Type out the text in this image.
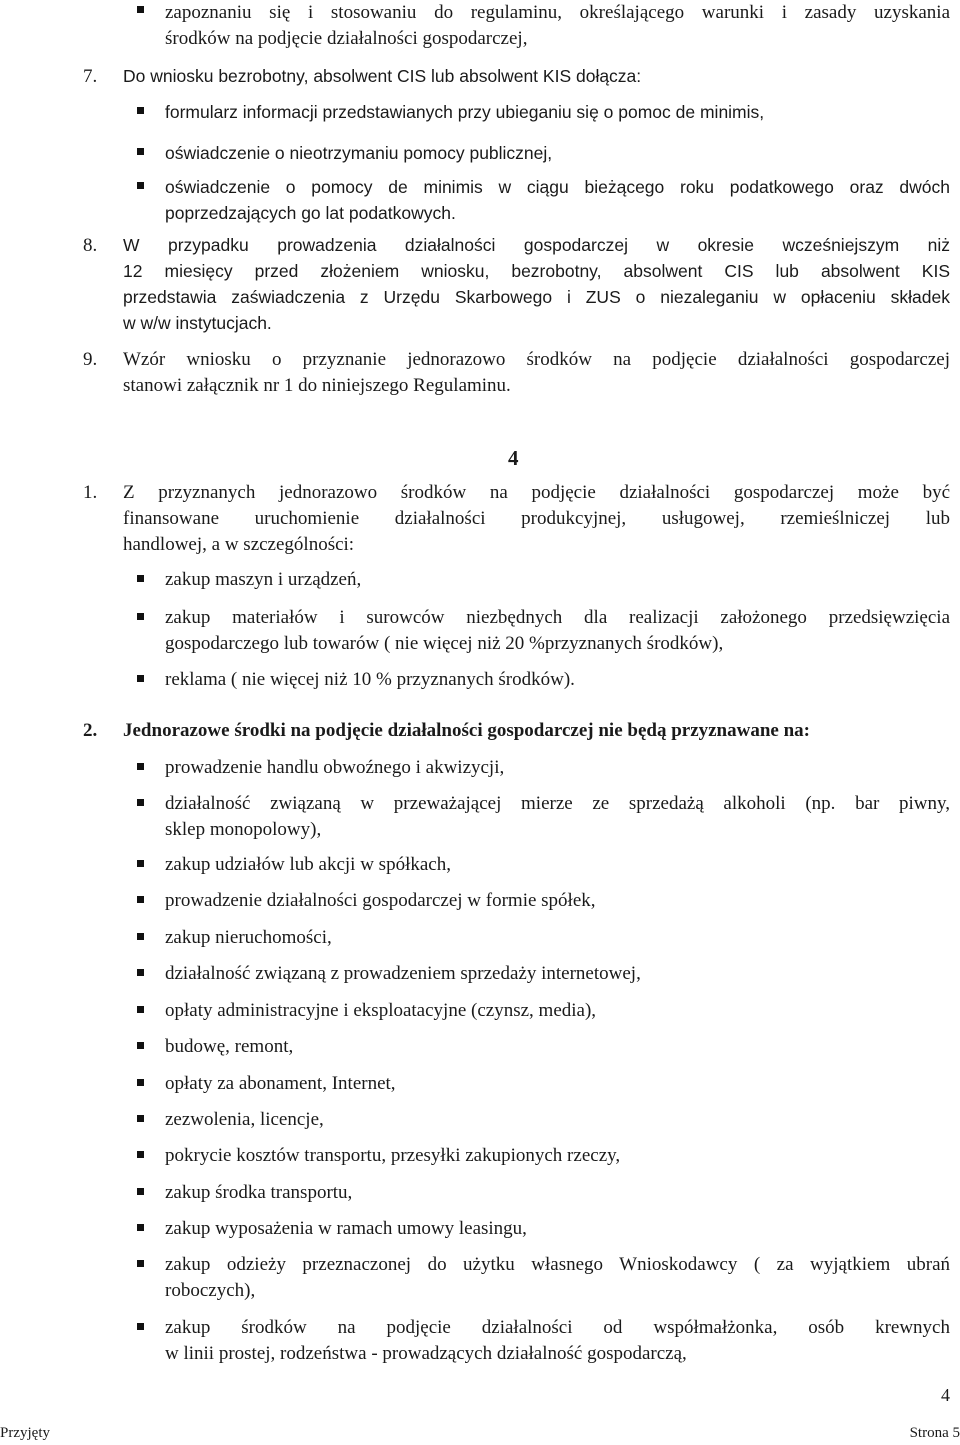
zapoznaniu się i stosowaniu do regulaminu, określającego warunki i zasady uzyskania
środków na podjęcie działalności gospodarczej,
7. Do wniosku bezrobotny, absolwent CIS lub absolwent KIS dołącza:
formularz informacji przedstawianych przy ubieganiu się o pomoc de minimis,
oświadczenie o nieotrzymaniu pomocy publicznej,
oświadczenie o pomocy de minimis w ciągu bieżącego roku podatkowego oraz dwóch
poprzedzających go lat podatkowych.
8. W przypadku prowadzenia działalności gospodarczej w okresie wcześniejszym niż
12 miesięcy przed złożeniem wniosku, bezrobotny, absolwent CIS lub absolwent KIS
przedstawia zaświadczenia z Urzędu Skarbowego i ZUS o niezaleganiu w opłaceniu składek
w w/w instytucjach.
9. Wzór wniosku o przyznanie jednorazowo środków na podjęcie działalności gospodarczej
stanowi załącznik nr 1 do niniejszego Regulaminu.
4
1. Z przyznanych jednorazowo środków na podjęcie działalności gospodarczej może być
finansowane uruchomienie działalności produkcyjnej, usługowej, rzemieślniczej lub
handlowej, a w szczególności:
zakup maszyn i urządzeń,
zakup materiałów i surowców niezbędnych dla realizacji założonego przedsięwzięcia
gospodarczego lub towarów ( nie więcej niż 20 %przyznanych środków),
reklama ( nie więcej niż 10 % przyznanych środków).
2. Jednorazowe środki na podjęcie działalności gospodarczej nie będą przyznawane na:
prowadzenie handlu obwoźnego i akwizycji,
działalność związaną w przeważającej mierze ze sprzedażą alkoholi (np. bar piwny,
sklep monopolowy),
zakup udziałów lub akcji w spółkach,
prowadzenie działalności gospodarczej w formie spółek,
zakup nieruchomości,
działalność związaną z prowadzeniem sprzedaży internetowej,
opłaty administracyjne i eksploatacyjne (czynsz, media),
budowę, remont,
opłaty za abonament, Internet,
zezwolenia, licencje,
pokrycie kosztów transportu, przesyłki zakupionych rzeczy,
zakup środka transportu,
zakup wyposażenia w ramach umowy leasingu,
zakup odzieży przeznaczonej do użytku własnego Wnioskodawcy ( za wyjątkiem ubrań
roboczych),
zakup środków na podjęcie działalności od współmałżonka, osób krewnych
w linii prostej, rodzeństwa - prowadzących działalność gospodarczą,
4
Przyjęty	Strona 5
